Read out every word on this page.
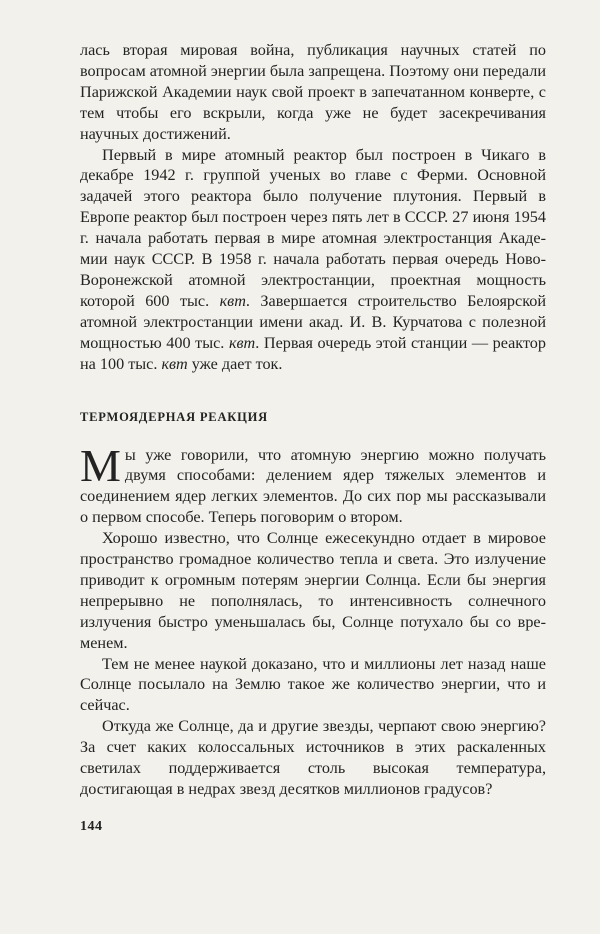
лась вторая мировая война, публикация научных статей по вопросам атомной энергии была запрещена. Поэтому они передали Парижской Академии наук свой проект в запечатанном конверте, с тем чтобы его вскрыли, когда уже не будет засекречивания научных достижений.

Первый в мире атомный реактор был построен в Чикаго в декабре 1942 г. группой ученых во главе с Ферми. Основной задачей этого реактора было получение плутония. Первый в Европе реактор был построен через пять лет в СССР. 27 июня 1954 г. начала работать первая в мире атомная электростанция Академии наук СССР. В 1958 г. начала работать первая очередь Ново-Воронежской атомной электростанции, проектная мощность которой 600 тыс. квт. Завершается строительство Белоярской атомной электростанции имени акад. И. В. Курчатова с полезной мощностью 400 тыс. квт. Первая очередь этой станции — реактор на 100 тыс. квт уже дает ток.

ТЕРМОЯДЕРНАЯ РЕАКЦИЯ

Мы уже говорили, что атомную энергию можно получать двумя способами: делением ядер тяжелых элементов и соединением ядер легких элементов. До сих пор мы рассказывали о первом способе. Теперь поговорим о втором.

Хорошо известно, что Солнце ежесекундно отдает в мировое пространство громадное количество тепла и света. Это излучение приводит к огромным потерям энергии Солнца. Если бы энергия непрерывно не пополнялась, то интенсивность солнечного излучения быстро уменьшалась бы, Солнце потухало бы со временем.

Тем не менее наукой доказано, что и миллионы лет назад наше Солнце посылало на Землю такое же количество энергии, что и сейчас.

Откуда же Солнце, да и другие звезды, черпают свою энергию? За счет каких колоссальных источников в этих раскаленных светилах поддерживается столь высокая температура, достигающая в недрах звезд десятков миллионов градусов?

144
